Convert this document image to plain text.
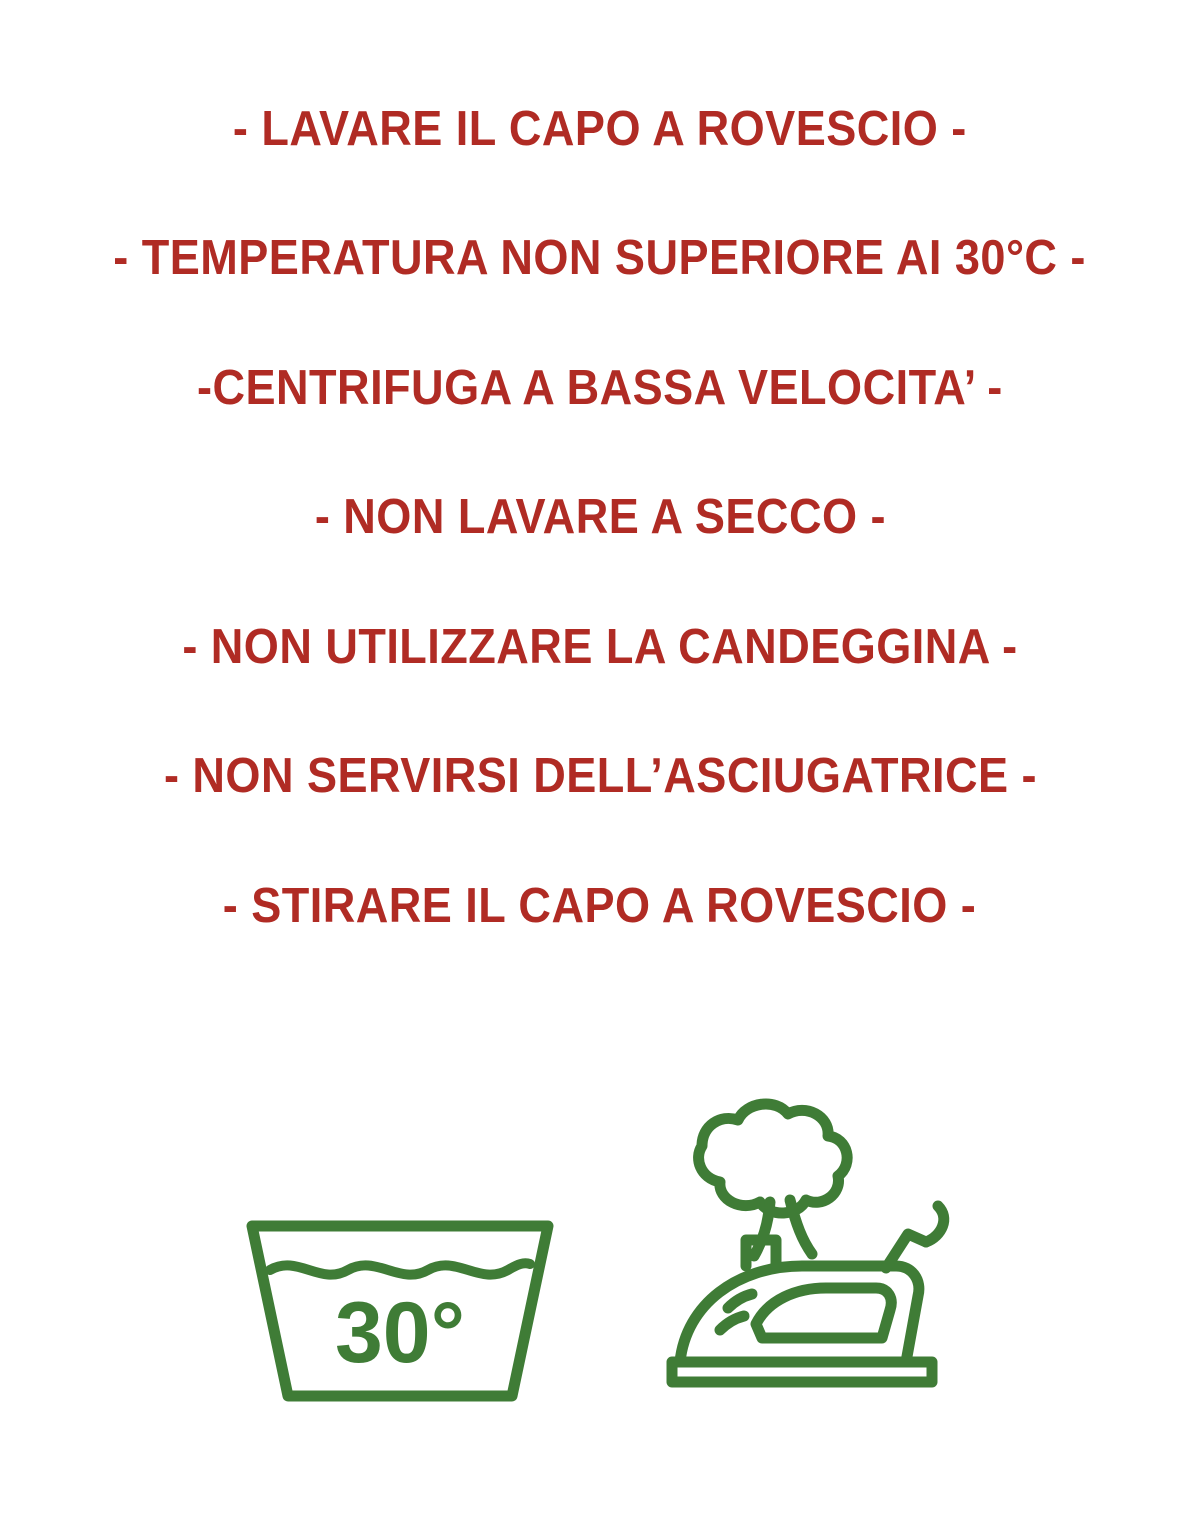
- LAVARE IL CAPO A ROVESCIO -
- TEMPERATURA NON SUPERIORE AI 30°C -
-CENTRIFUGA A BASSA VELOCITA’ -
- NON LAVARE A SECCO -
- NON UTILIZZARE LA CANDEGGINA -
- NON SERVIRSI DELL’ASCIUGATRICE -
- STIRARE IL CAPO A ROVESCIO -
30°
